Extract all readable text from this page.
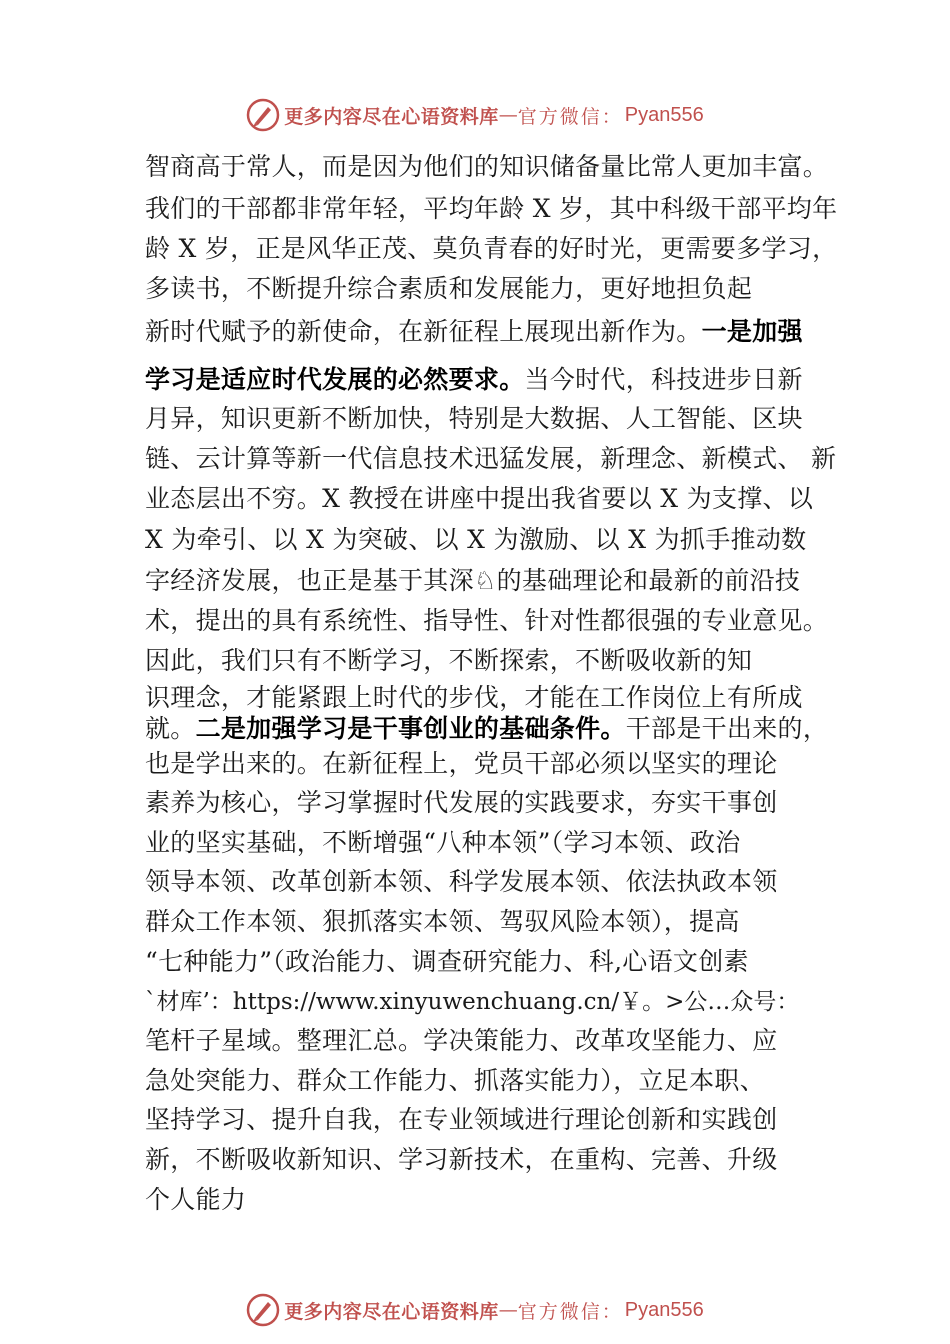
更多内容尽在心语资料库 — 官方微信： Pyan556
智商高于常人，而是因为他们的知识储备量比常人更加丰富。
我们的干部都非常年轻，平均年龄 X 岁，其中科级干部平均年
龄 X 岁，正是风华正茂、莫负青春的好时光，更需要多学习，
多读书，不断提升综合素质和发展能力，更好地担负起
新时代赋予的新使命，在新征程上展现出新作为。一是加强
学习是适应时代发展的必然要求。当今时代，科技进步日新
月异，知识更新不断加快，特别是大数据、人工智能、区块
链、云计算等新一代信息技术迅猛发展，新理念、新模式、 新
业态层出不穷。X 教授在讲座中提出我省要以 X 为支撑、以
X 为牵引、以 X 为突破、以 X 为激励、以 X 为抓手推动数
字经济发展，也正是基于其深♘的基础理论和最新的前沿技
术，提出的具有系统性、指导性、针对性都很强的专业意见。
因此，我们只有不断学习，不断探索，不断吸收新的知
识理念，才能紧跟上时代的步伐，才能在工作岗位上有所成
就。二是加强学习是干事创业的基础条件。干部是干出来的，
也是学出来的。在新征程上，党员干部必须以坚实的理论
素养为核心，学习掌握时代发展的实践要求，夯实干事创
业的坚实基础，不断增强“八种本领”（学习本领、政治
领导本领、改革创新本领、科学发展本领、依法执政本领
群众工作本领、狠抓落实本领、驾驭风险本领），提高
“七种能力”（政治能力、调查研究能力、科,心语文创素
`材库’：https://www.xinyuwenchuang.cn/￥。>公…众号：
笔杆子星域。整理汇总。学决策能力、改革攻坚能力、应
急处突能力、群众工作能力、抓落实能力），立足本职、
坚持学习、提升自我，在专业领域进行理论创新和实践创
新，不断吸收新知识、学习新技术，在重构、完善、升级
个人能力
更多内容尽在心语资料库 — 官方微信： Pyan556
